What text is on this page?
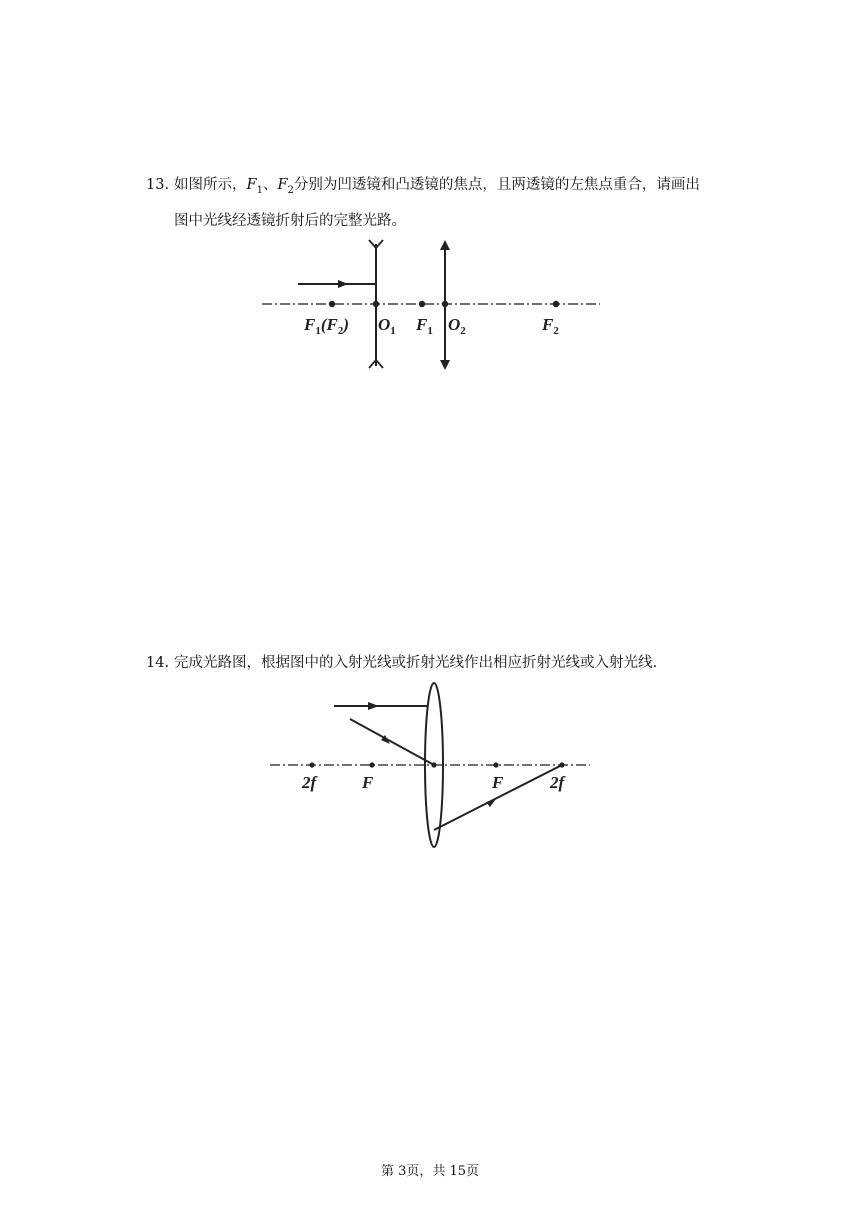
13. 如图所示，$F_1$、$F_2$分别为凹透镜和凸透镜的焦点，且两透镜的左焦点重合，请画出
图中光线经透镜折射后的完整光路。
$F_1(F_2)$ $O_1$ $F_1$ $O_2$	$F_2$
14. 完成光路图，根据图中的入射光线或折射光线作出相应折射光线或入射光线.
2f	F	F	2f
第 3页，共 15页
